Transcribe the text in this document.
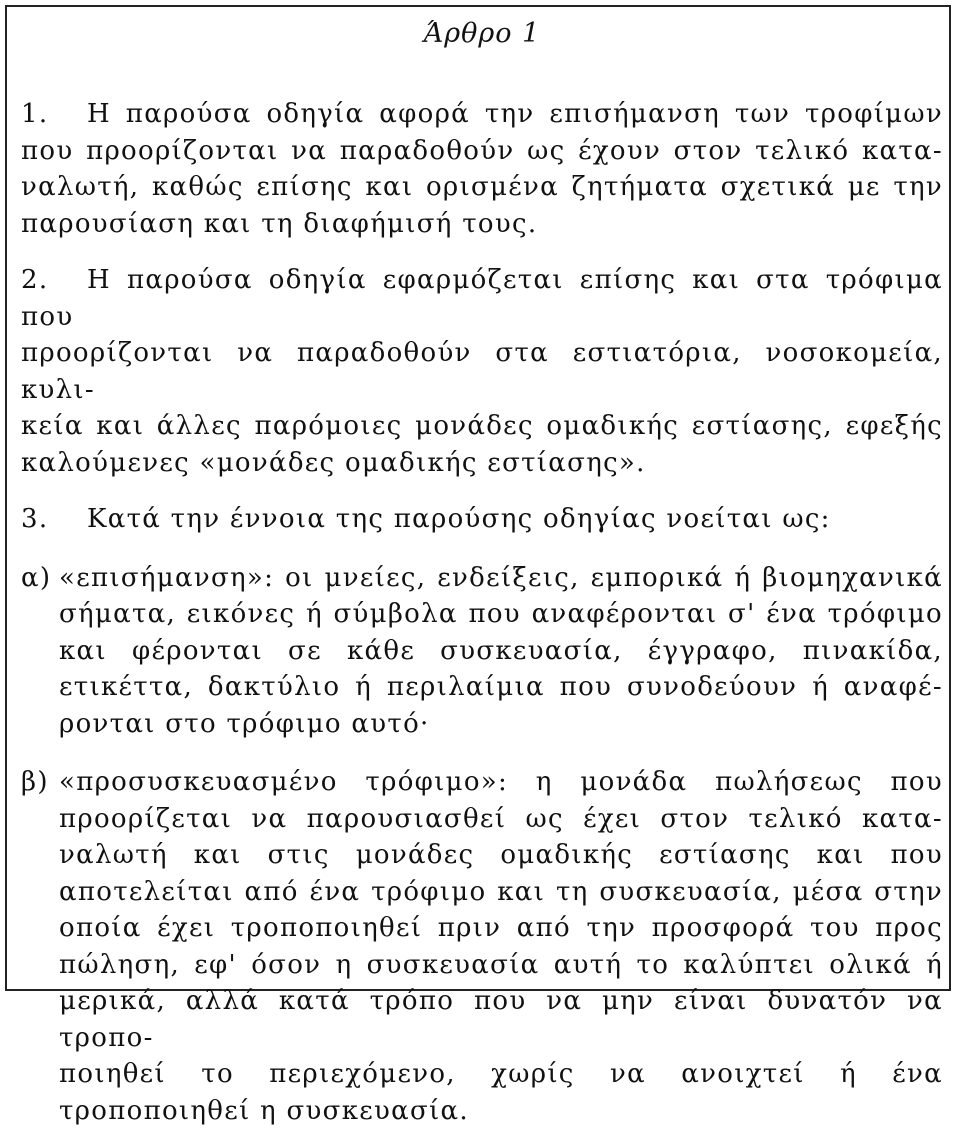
Άρθρο 1
1. Η παρούσα οδηγία αφορά την επισήμανση των τροφίμων
που προορίζονται να παραδοθούν ως έχουν στον τελικό κατα-
ναλωτή, καθώς επίσης και ορισμένα ζητήματα σχετικά με την
παρουσίαση και τη διαφήμισή τους.
2. Η παρούσα οδηγία εφαρμόζεται επίσης και στα τρόφιμα που
προορίζονται να παραδοθούν στα εστιατόρια, νοσοκομεία, κυλι-
κεία και άλλες παρόμοιες μονάδες ομαδικής εστίασης, εφεξής
καλούμενες «μονάδες ομαδικής εστίασης».
3. Κατά την έννοια της παρούσης οδηγίας νοείται ως:
α) «επισήμανση»: οι μνείες, ενδείξεις, εμπορικά ή βιομηχανικά
σήματα, εικόνες ή σύμβολα που αναφέρονται σ' ένα τρόφιμο
και φέρονται σε κάθε συσκευασία, έγγραφο, πινακίδα,
ετικέττα, δακτύλιο ή περιλαίμια που συνοδεύουν ή αναφέ-
ρονται στο τρόφιμο αυτό·
β) «προσυσκευασμένο τρόφιμο»: η μονάδα πωλήσεως που
προορίζεται να παρουσιασθεί ως έχει στον τελικό κατα-
ναλωτή και στις μονάδες ομαδικής εστίασης και που
αποτελείται από ένα τρόφιμο και τη συσκευασία, μέσα στην
οποία έχει τροποποιηθεί πριν από την προσφορά του προς
πώληση, εφ' όσον η συσκευασία αυτή το καλύπτει ολικά ή
μερικά, αλλά κατά τρόπο που να μην είναι δυνατόν να τροπο-
ποιηθεί το περιεχόμενο, χωρίς να ανοιχτεί ή ένα
τροποποιηθεί η συσκευασία.
